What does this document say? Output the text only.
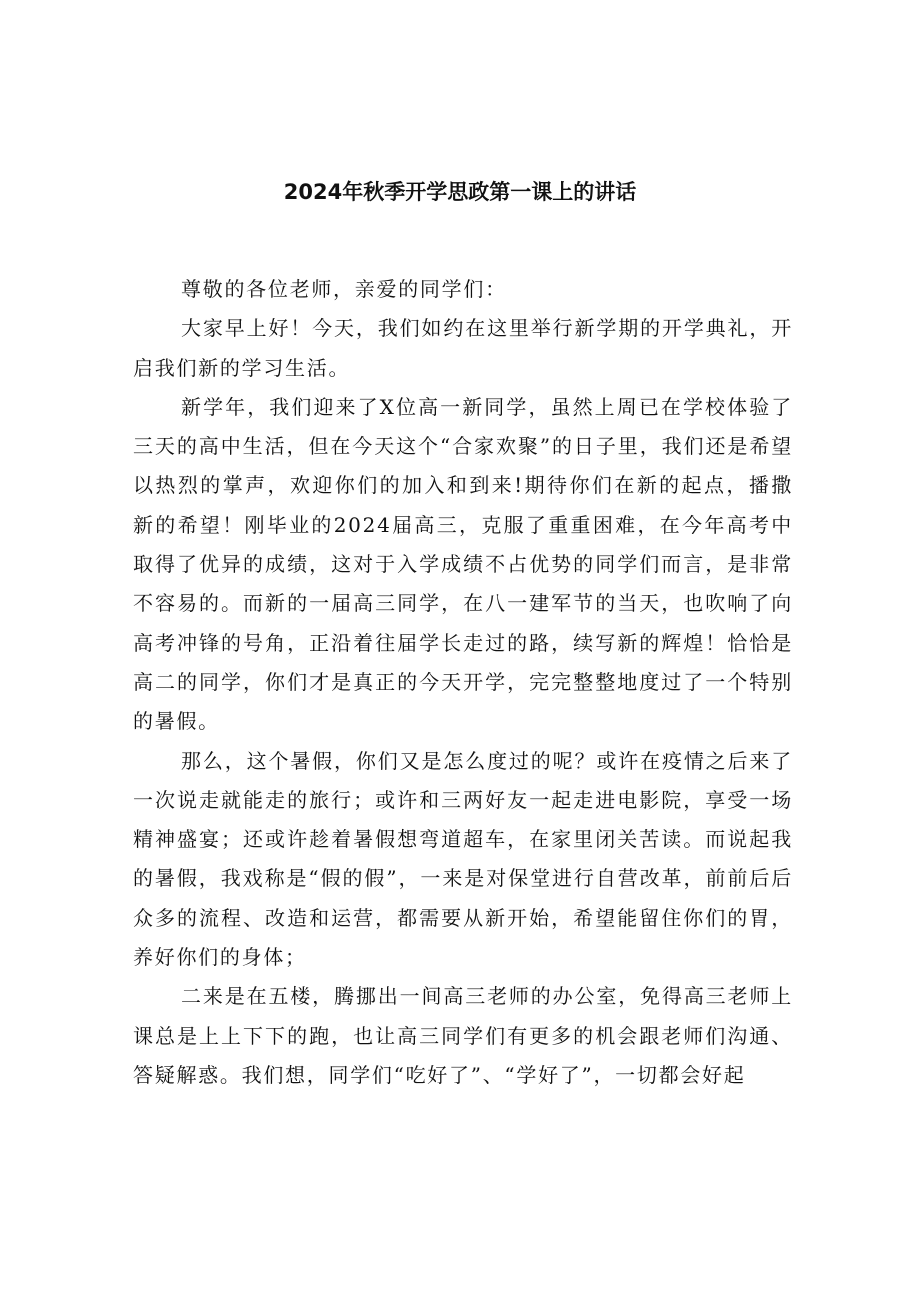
2024年秋季开学思政第一课上的讲话

尊敬的各位老师，亲爱的同学们：

大家早上好！今天，我们如约在这里举行新学期的开学典礼，开启我们新的学习生活。

新学年，我们迎来了X位高一新同学，虽然上周已在学校体验了三天的高中生活，但在今天这个“合家欢聚”的日子里，我们还是希望以热烈的掌声，欢迎你们的加入和到来!期待你们在新的起点，播撒新的希望！刚毕业的2024届高三，克服了重重困难，在今年高考中取得了优异的成绩，这对于入学成绩不占优势的同学们而言，是非常不容易的。而新的一届高三同学，在八一建军节的当天，也吹响了向高考冲锋的号角，正沿着往届学长走过的路，续写新的辉煌！恰恰是高二的同学，你们才是真正的今天开学，完完整整地度过了一个特别的暑假。

那么，这个暑假，你们又是怎么度过的呢？或许在疫情之后来了一次说走就能走的旅行；或许和三两好友一起走进电影院，享受一场精神盛宴；还或许趁着暑假想弯道超车，在家里闭关苦读。而说起我的暑假，我戏称是“假的假”，一来是对保堂进行自营改革，前前后后众多的流程、改造和运营，都需要从新开始，希望能留住你们的胃，养好你们的身体；

二来是在五楼，腾挪出一间高三老师的办公室，免得高三老师上课总是上上下下的跑，也让高三同学们有更多的机会跟老师们沟通、答疑解惑。我们想，同学们“吃好了”、“学好了”，一切都会好起
